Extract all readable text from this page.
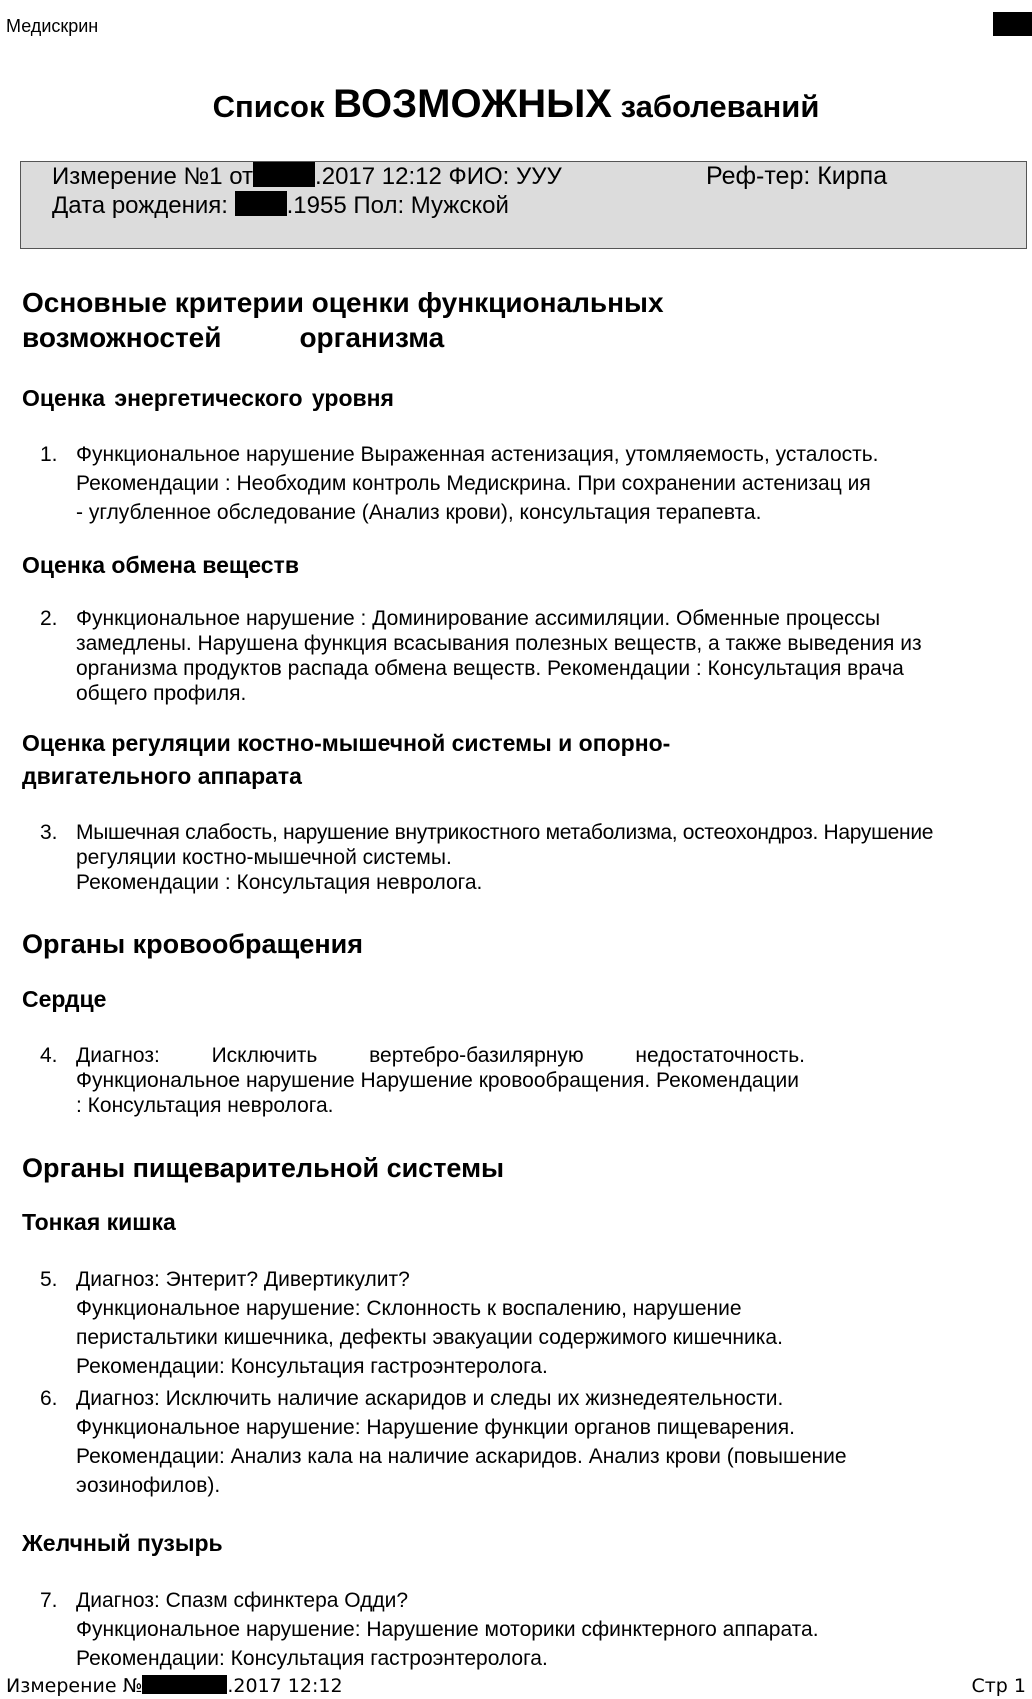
Медискрин
Список ВОЗМОЖНЫХ заболеваний
Измерение №1 от	.2017 12:12 ФИО: УУУ	Реф-тер: Кирпа
Дата рождения: .1955 Пол: Мужской
Основные критерии оценки функциональных
возможностей	организма
Оценка энергетического уровня
1. Функциональное нарушение Выраженная астенизация, утомляемость, усталость.
Рекомендации : Необходим контроль Медискрина. При сохранении астенизац ия
- углубленное обследование (Анализ крови), консультация терапевта.
Оценка обмена веществ
2. Функциональное нарушение : Доминирование ассимиляции. Обменные процессы
замедлены. Нарушена функция всасывания полезных веществ, а также выведения из
организма продуктов распада обмена веществ. Рекомендации : Консультация врача
общего профиля.
Оценка регуляции костно-мышечной системы и опорно-
двигательного аппарата
3. Мышечная слабость, нарушение внутрикостного метаболизма, остеохондроз. Нарушение
регуляции костно-мышечной системы.
Рекомендации : Консультация невролога.
Органы кровообращения
Сердце
4. Диагноз: Исключить вертебро-базилярную недостаточность.
Функциональное нарушение Нарушение кровообращения. Рекомендации
: Консультация невролога.
Органы пищеварительной системы
Тонкая кишка
5. Диагноз: Энтерит? Дивертикулит?
Функциональное нарушение: Склонность к воспалению, нарушение
перистальтики кишечника, дефекты эвакуации содержимого кишечника.
Рекомендации: Консультация гастроэнтеролога.
6. Диагноз: Исключить наличие аскаридов и следы их жизнедеятельности.
Функциональное нарушение: Нарушение функции органов пищеварения.
Рекомендации: Анализ кала на наличие аскаридов. Анализ крови (повышение
эозинофилов).
Желчный пузырь
7. Диагноз: Спазм сфинктера Одди?
Функциональное нарушение: Нарушение моторики сфинктерного аппарата.
Рекомендации: Консультация гастроэнтеролога.
Измерение №	.2017 12:12	Стр 1
